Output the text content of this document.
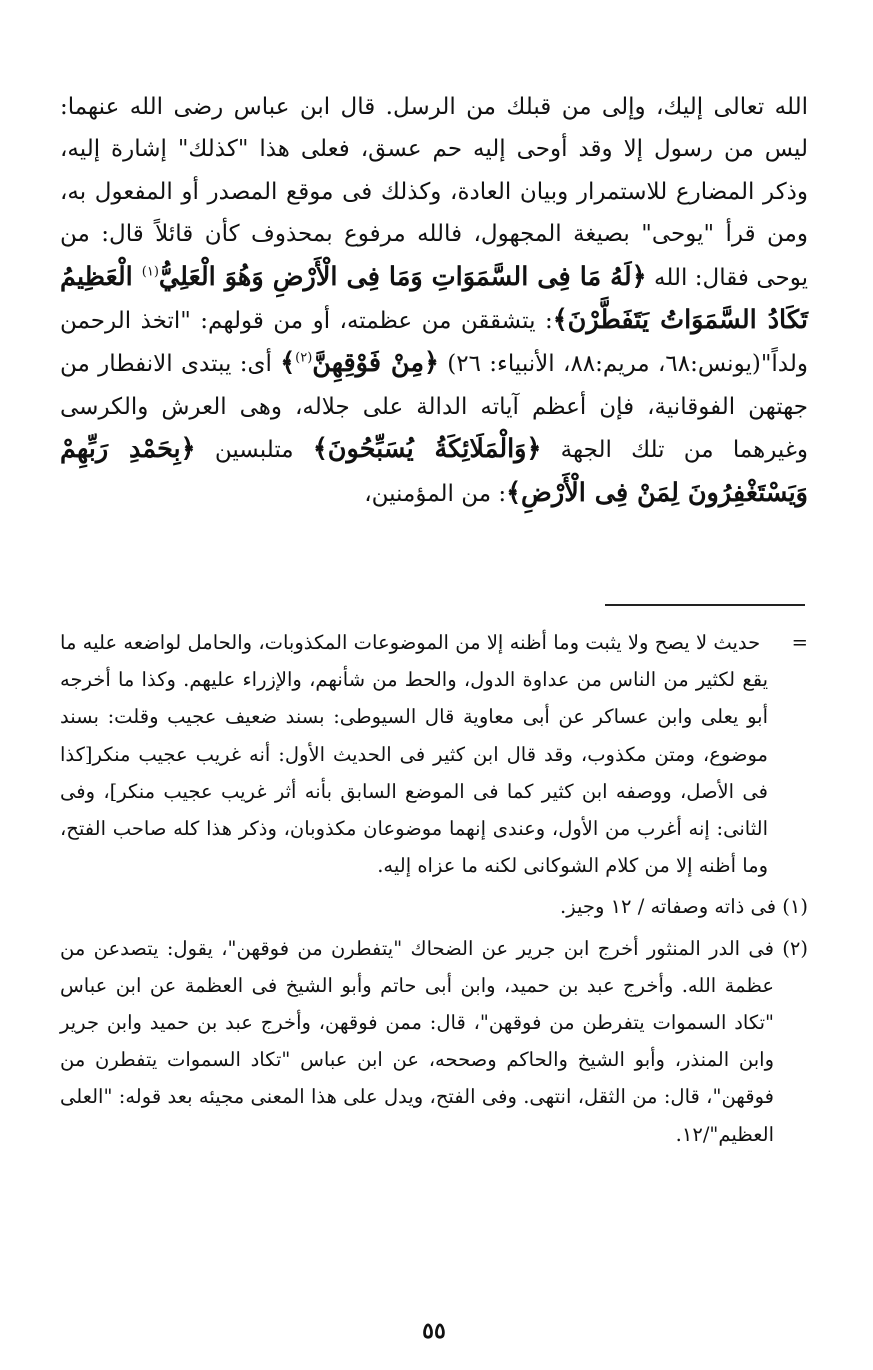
الله تعالى إليك، وإلى من قبلك من الرسل. قال ابن عباس رضى الله عنهما: ليس من رسول إلا وقد أوحى إليه حم عسق، فعلى هذا "كذلك" إشارة إليه، وذكر المضارع للاستمرار وبيان العادة، وكذلك فى موقع المصدر أو المفعول به، ومن قرأ "يوحى" بصيغة المجهول، فالله مرفوع بمحذوف كأن قائلاً قال: من يوحى فقال: الله ﴿لَهُ مَا فِى السَّمَوَاتِ وَمَا فِى الْأَرْضِ وَهُوَ الْعَلِيُّ$^{(١)}$ الْعَظِيمُ تَكَادُ السَّمَوَاتُ يَتَفَطَّرْنَ﴾: يتشققن من عظمته، أو من قولهم: "اتخذ الرحمن ولداً"(يونس:٦٨، مريم:٨٨، الأنبياء: ٢٦) ﴿مِنْ فَوْقِهِنَّ$^{(٢)}$﴾ أى: يبتدى الانفطار من جهتهن الفوقانية، فإن أعظم آياته الدالة على جلاله، وهى العرش والكرسى وغيرهما من تلك الجهة ﴿وَالْمَلَائِكَةُ يُسَبِّحُونَ﴾ متلبسين ﴿بِحَمْدِ رَبِّهِمْ وَيَسْتَغْفِرُونَ لِمَنْ فِى الْأَرْضِ﴾: من المؤمنين،

=     حديث لا يصح ولا يثبت وما أظنه إلا من الموضوعات المكذوبات، والحامل لواضعه عليه ما يقع لكثير من الناس من عداوة الدول، والحط من شأنهم، والإزراء عليهم. وكذا ما أخرجه أبو يعلى وابن عساكر عن أبى معاوية قال السيوطى: بسند ضعيف عجيب وقلت: بسند موضوع، ومتن مكذوب، وقد قال ابن كثير فى الحديث الأول: أنه غريب عجيب منكر[كذا فى الأصل، ووصفه ابن كثير كما فى الموضع السابق بأنه أثر غريب عجيب منكر]، وفى الثانى: إنه أغرب من الأول، وعندى إنهما موضوعان مكذوبان، وذكر هذا كله صاحب الفتح، وما أظنه إلا من كلام الشوكانى لكنه ما عزاه إليه.

(١) فى ذاته وصفاته / ١٢ وجيز.

(٢) فى الدر المنثور أخرج ابن جرير عن الضحاك "يتفطرن من فوقهن"، يقول: يتصدعن من عظمة الله. وأخرج عبد بن حميد، وابن أبى حاتم وأبو الشيخ فى العظمة عن ابن عباس "تكاد السموات يتفرطن من فوقهن"، قال: ممن فوقهن، وأخرج عبد بن حميد وابن جرير وابن المنذر، وأبو الشيخ والحاكم وصححه، عن ابن عباس "تكاد السموات يتفطرن من فوقهن"، قال: من الثقل، انتهى. وفى الفتح، ويدل على هذا المعنى مجيئه بعد قوله: "العلى العظيم"/١٢.

٥٥
